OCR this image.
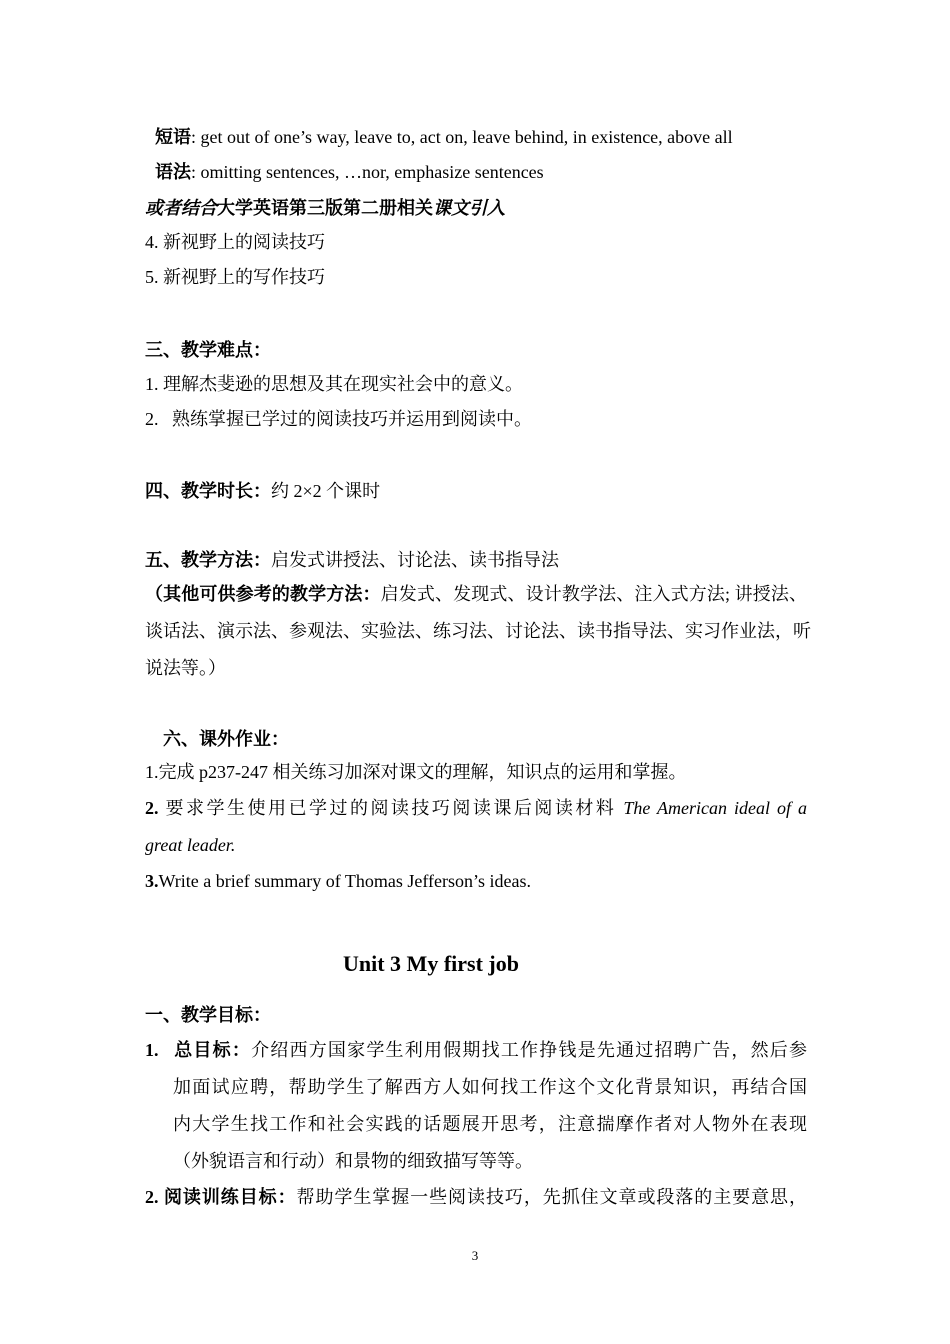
短语: get out of one’s way, leave to, act on, leave behind, in existence, above all
语法: omitting sentences, …nor, emphasize sentences
或者结合大学英语第三版第二册相关课文引入
4. 新视野上的阅读技巧
5. 新视野上的写作技巧
三、教学难点：
1. 理解杰斐逊的思想及其在现实社会中的意义。
2.   熟练掌握已学过的阅读技巧并运用到阅读中。
四、教学时长：约 2×2 个课时
五、教学方法：启发式讲授法、讨论法、读书指导法
（其他可供参考的教学方法：启发式、发现式、设计教学法、注入式方法; 讲授法、
谈话法、演示法、参观法、实验法、练习法、讨论法、读书指导法、实习作业法，听
说法等。）
六、课外作业：
1.完成 p237-247 相关练习加深对课文的理解，知识点的运用和掌握。
2. 要求学生使用已学过的阅读技巧阅读课后阅读材料 The American ideal of a
great leader.
3.Write a brief summary of Thomas Jefferson’s ideas.
Unit 3 My first job
一、教学目标：
1. 总目标：介绍西方国家学生利用假期找工作挣钱是先通过招聘广告，然后参
加面试应聘，帮助学生了解西方人如何找工作这个文化背景知识，再结合国
内大学生找工作和社会实践的话题展开思考，注意揣摩作者对人物外在表现
（外貌语言和行动）和景物的细致描写等等。
2. 阅读训练目标：帮助学生掌握一些阅读技巧，先抓住文章或段落的主要意思，
3
